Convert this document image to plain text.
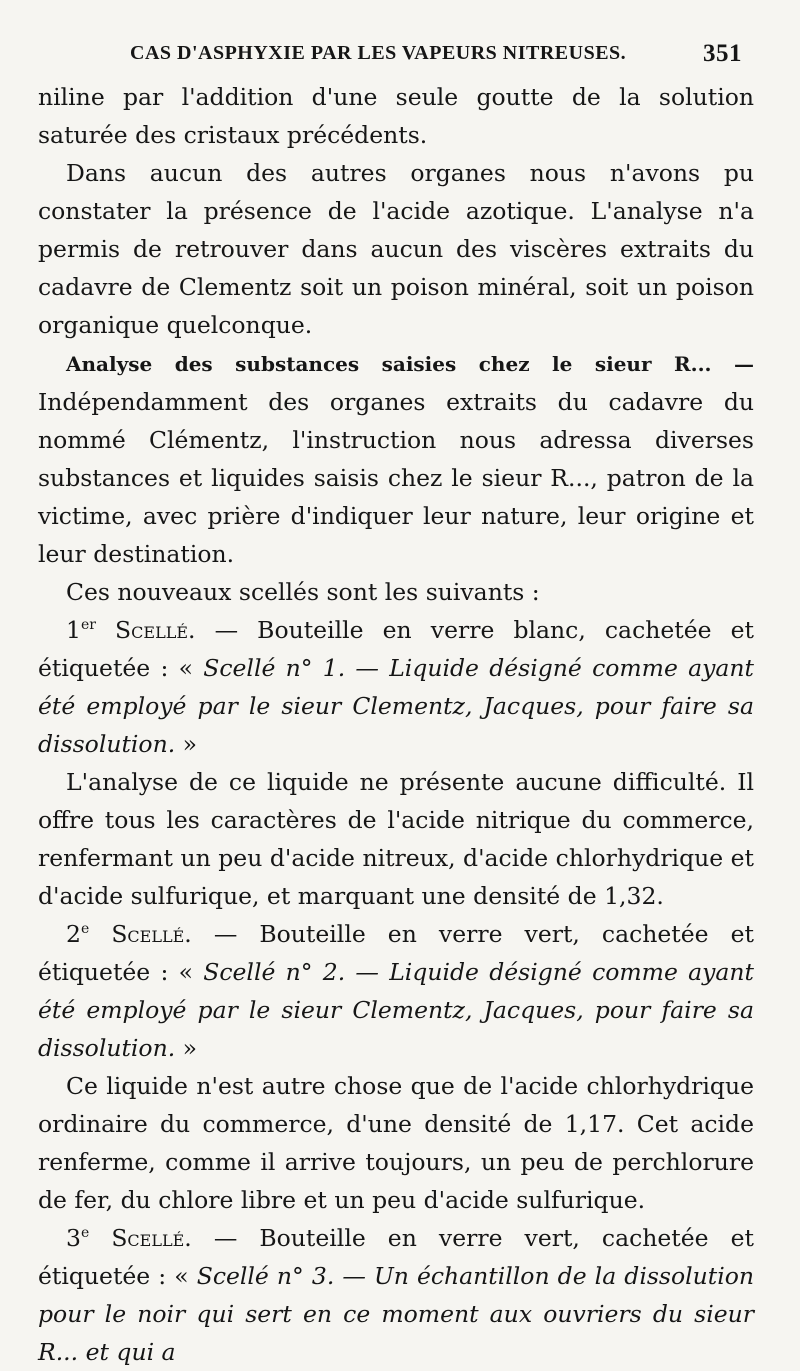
CAS D'ASPHYXIE PAR LES VAPEURS NITREUSES.	351

niline par l'addition d'une seule goutte de la solution saturée des cristaux précédents.

Dans aucun des autres organes nous n'avons pu constater la présence de l'acide azotique. L'analyse n'a permis de retrouver dans aucun des viscères extraits du cadavre de Clementz soit un poison minéral, soit un poison organique quelconque.

Analyse des substances saisies chez le sieur R... — Indépendamment des organes extraits du cadavre du nommé Clémentz, l'instruction nous adressa diverses substances et liquides saisis chez le sieur R..., patron de la victime, avec prière d'indiquer leur nature, leur origine et leur destination.

Ces nouveaux scellés sont les suivants :

1er Scellé. — Bouteille en verre blanc, cachetée et étiquetée : « Scellé n° 1. — Liquide désigné comme ayant été employé par le sieur Clementz, Jacques, pour faire sa dissolution. »

L'analyse de ce liquide ne présente aucune difficulté. Il offre tous les caractères de l'acide nitrique du commerce, renfermant un peu d'acide nitreux, d'acide chlorhydrique et d'acide sulfurique, et marquant une densité de 1,32.

2e Scellé. — Bouteille en verre vert, cachetée et étiquetée : « Scellé n° 2. — Liquide désigné comme ayant été employé par le sieur Clementz, Jacques, pour faire sa dissolution. »

Ce liquide n'est autre chose que de l'acide chlorhydrique ordinaire du commerce, d'une densité de 1,17. Cet acide renferme, comme il arrive toujours, un peu de perchlorure de fer, du chlore libre et un peu d'acide sulfurique.

3e Scellé. — Bouteille en verre vert, cachetée et étiquetée : « Scellé n° 3. — Un échantillon de la dissolution pour le noir qui sert en ce moment aux ouvriers du sieur R... et qui a
